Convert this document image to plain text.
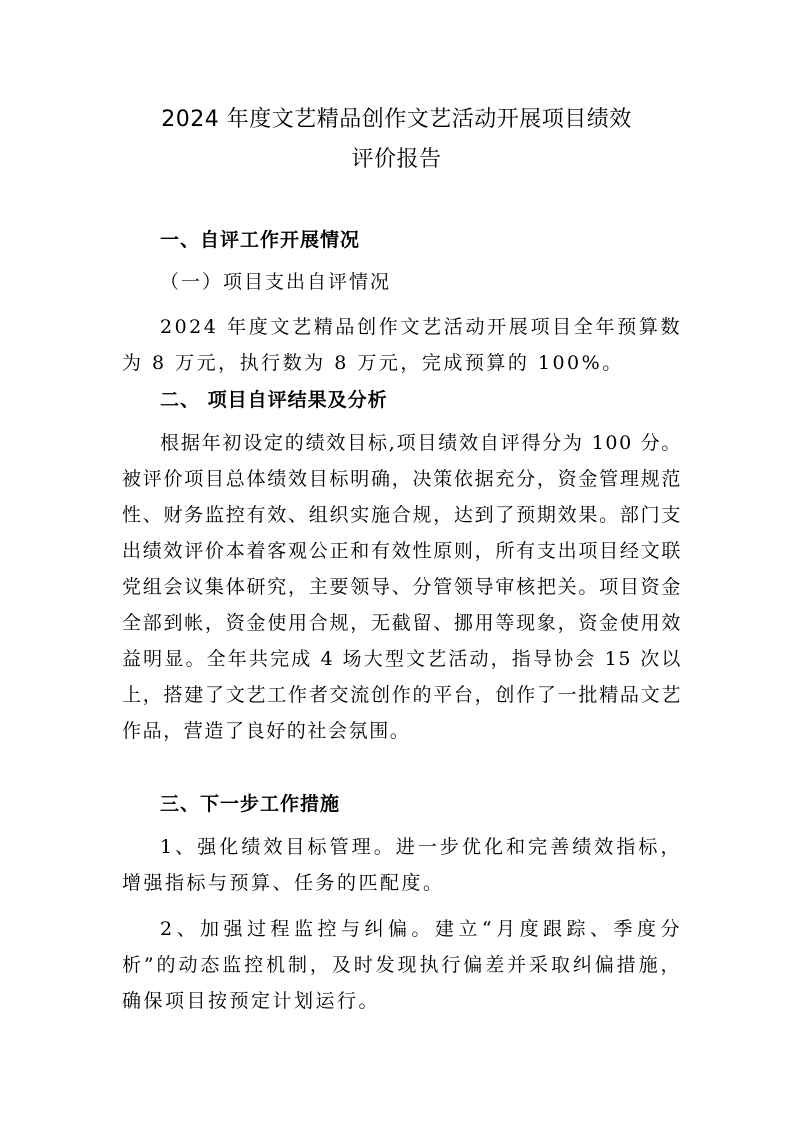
2024 年度文艺精品创作文艺活动开展项目绩效
评价报告
一、自评工作开展情况
（一）项目支出自评情况
2024 年度文艺精品创作文艺活动开展项目全年预算数为 8 万元，执行数为 8 万元，完成预算的 100%。
二、 项目自评结果及分析
根据年初设定的绩效目标,项目绩效自评得分为 100 分。被评价项目总体绩效目标明确，决策依据充分，资金管理规范性、财务监控有效、组织实施合规，达到了预期效果。部门支出绩效评价本着客观公正和有效性原则，所有支出项目经文联党组会议集体研究，主要领导、分管领导审核把关。项目资金全部到帐，资金使用合规，无截留、挪用等现象，资金使用效益明显。全年共完成 4 场大型文艺活动，指导协会 15 次以上，搭建了文艺工作者交流创作的平台，创作了一批精品文艺作品，营造了良好的社会氛围。
三、下一步工作措施
1、强化绩效目标管理。进一步优化和完善绩效指标，增强指标与预算、任务的匹配度。
2、加强过程监控与纠偏。建立“月度跟踪、季度分析”的动态监控机制，及时发现执行偏差并采取纠偏措施，确保项目按预定计划运行。
